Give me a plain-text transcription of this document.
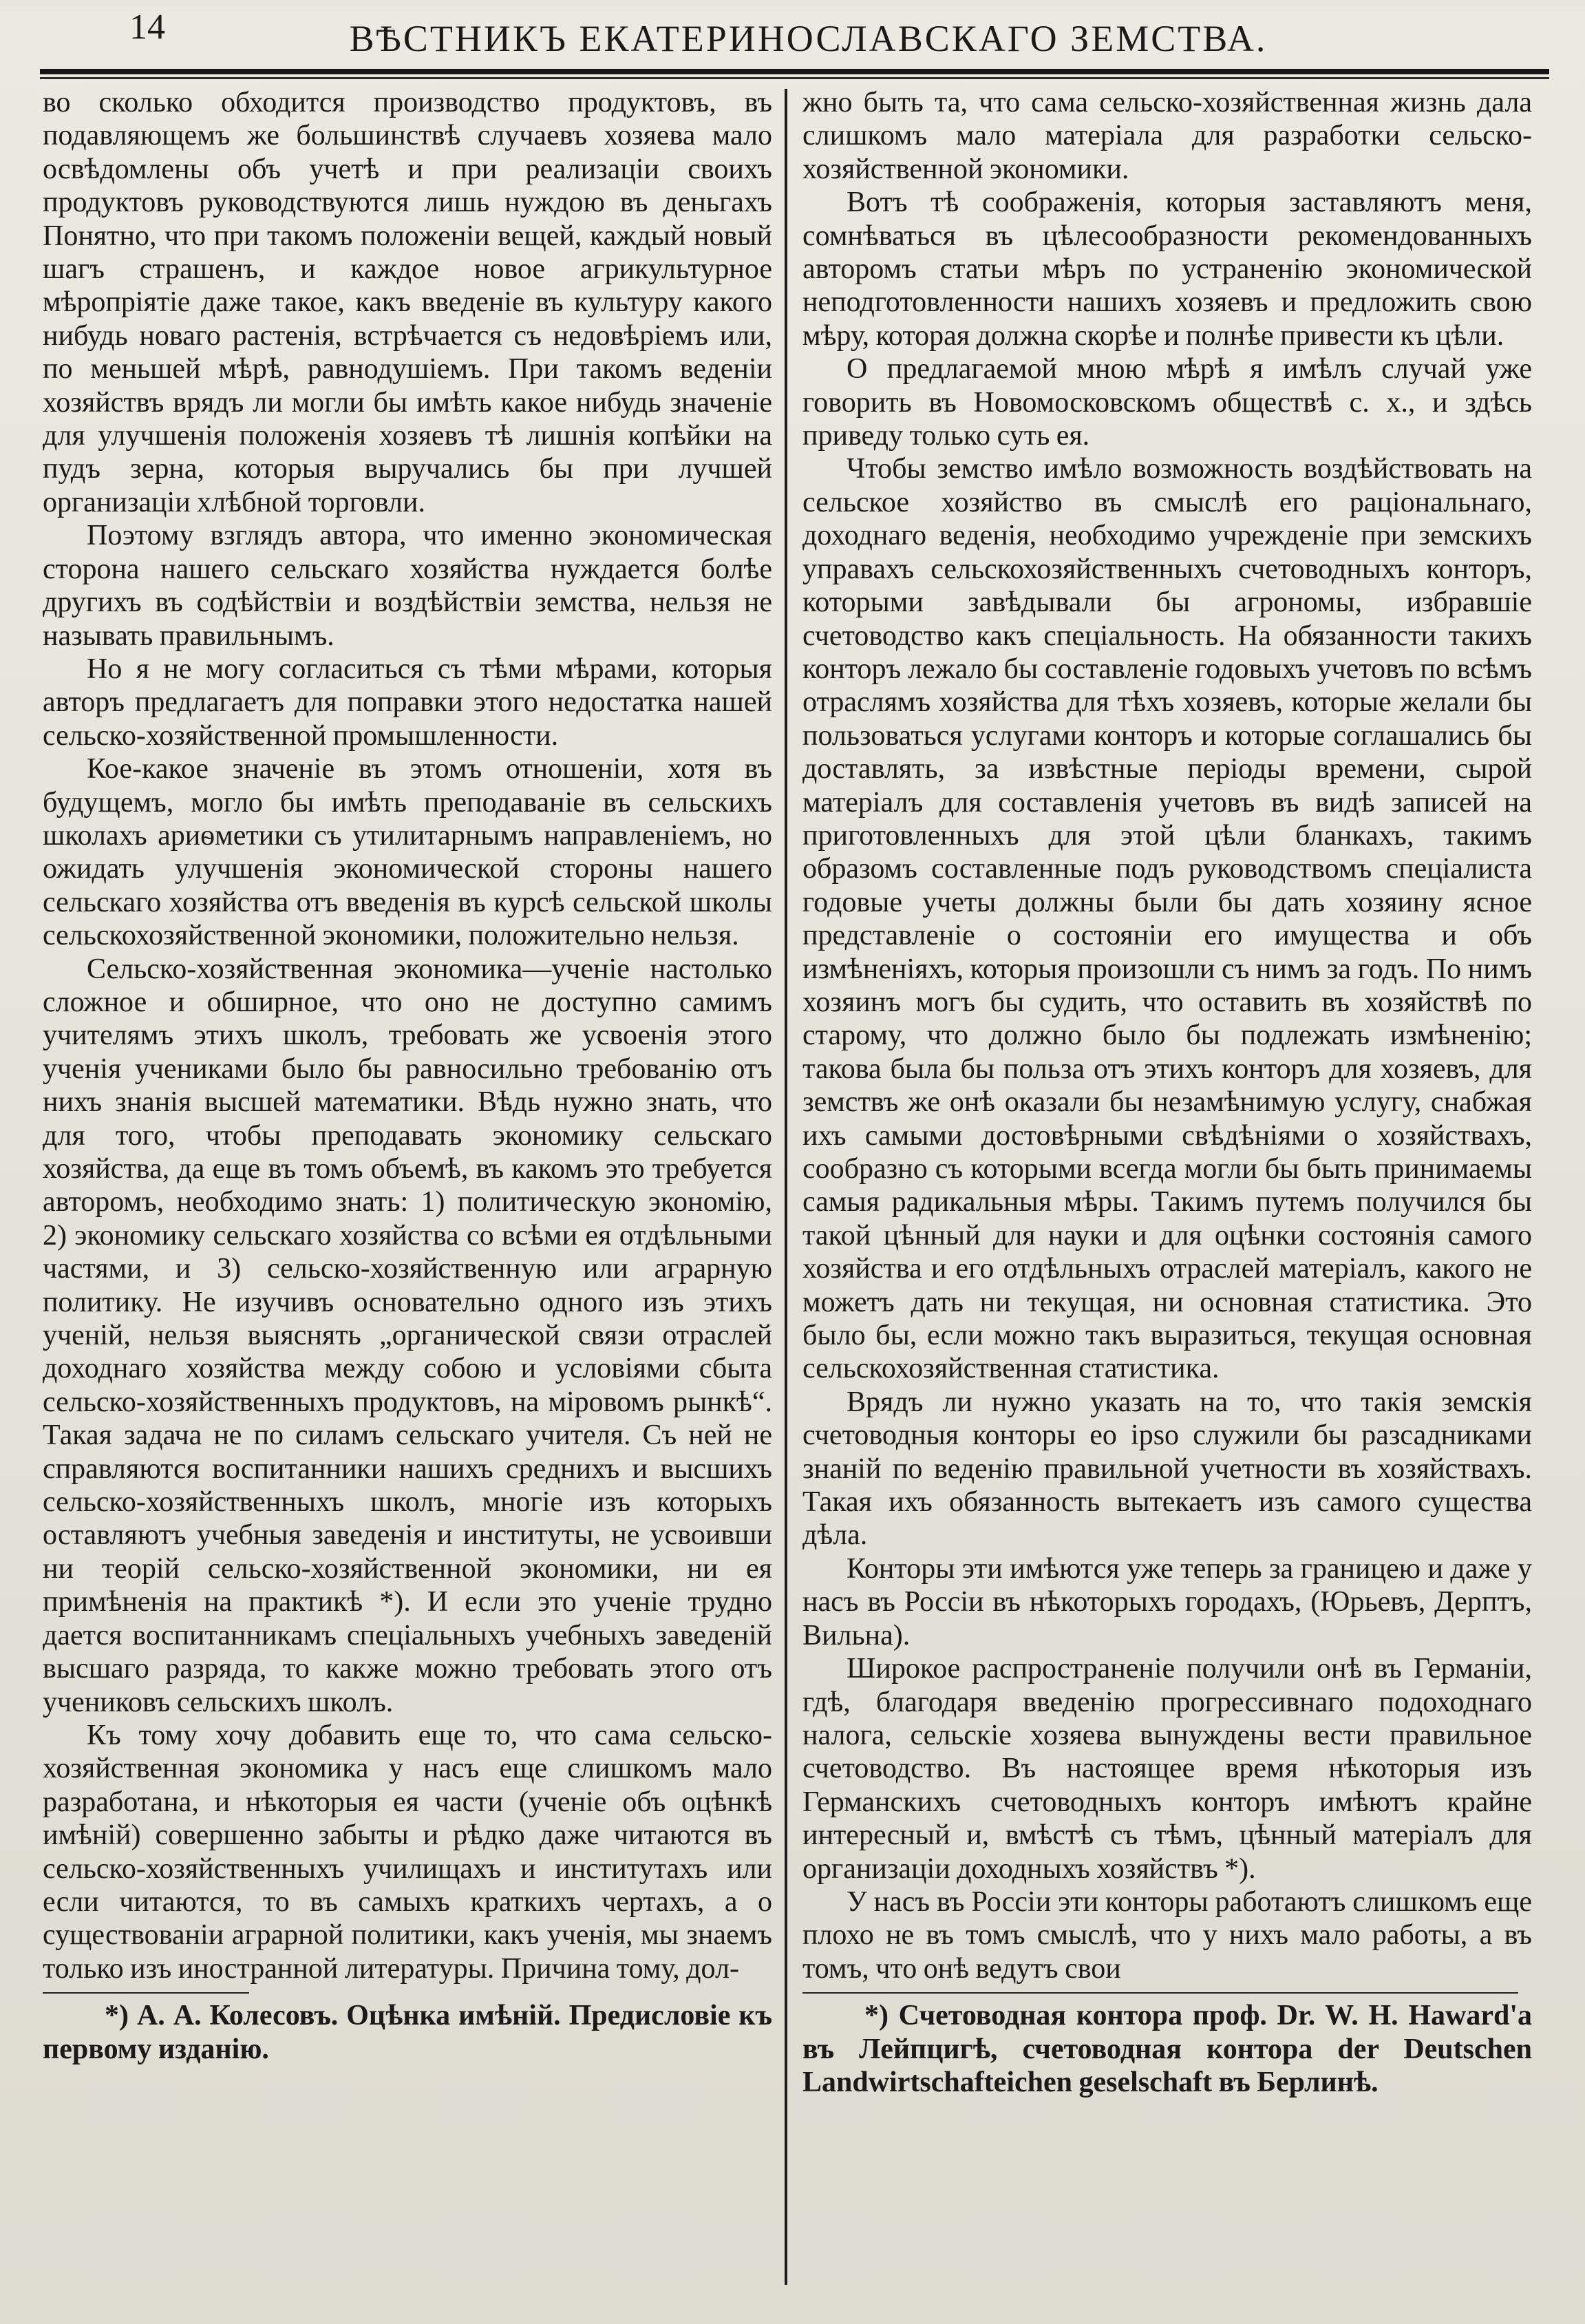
14	ВѢСТНИКЪ ЕКАТЕРИНОСЛАВСКАГО ЗЕМСТВА.

во сколько обходится производство продуктовъ, въ подавляющемъ же большинствѣ случаевъ хозяева мало освѣдомлены объ учетѣ и при реализаціи своихъ продуктовъ руководствуются лишь нуждою въ деньгахъ Понятно, что при такомъ положеніи вещей, каждый новый шагъ страшенъ, и каждое новое агрикультурное мѣропріятіе даже такое, какъ введеніе въ культуру какого нибудь новаго растенія, встрѣчается съ недовѣріемъ или, по меньшей мѣрѣ, равнодушіемъ. При такомъ веденіи хозяйствъ врядъ ли могли бы имѣть какое нибудь значеніе для улучшенія положенія хозяевъ тѣ лишнія копѣйки на пудъ зерна, которыя выручались бы при лучшей организаціи хлѣбной торговли.

Поэтому взглядъ автора, что именно экономическая сторона нашего сельскаго хозяйства нуждается болѣе другихъ въ содѣйствіи и воздѣйствіи земства, нельзя не называть правильнымъ.

Но я не могу согласиться съ тѣми мѣрами, которыя авторъ предлагаетъ для поправки этого недостатка нашей сельско-хозяйственной промышленности.

Кое-какое значеніе въ этомъ отношеніи, хотя въ будущемъ, могло бы имѣть преподаваніе въ сельскихъ школахъ ариѳметики съ утилитарнымъ направленіемъ, но ожидать улучшенія экономической стороны нашего сельскаго хозяйства отъ введенія въ курсѣ сельской школы сельскохозяйственной экономики, положительно нельзя.

Сельско-хозяйственная экономика—ученіе настолько сложное и обширное, что оно не доступно самимъ учителямъ этихъ школъ, требовать же усвоенія этого ученія учениками было бы равносильно требованію отъ нихъ знанія высшей математики. Вѣдь нужно знать, что для того, чтобы преподавать экономику сельскаго хозяйства, да еще въ томъ объемѣ, въ какомъ это требуется авторомъ, необходимо знать: 1) политическую экономію, 2) экономику сельскаго хозяйства со всѣми ея отдѣльными частями, и 3) сельско-хозяйственную или аграрную политику. Не изучивъ основательно одного изъ этихъ ученій, нельзя выяснять „органической связи отраслей доходнаго хозяйства между собою и условіями сбыта сельско-хозяйственныхъ продуктовъ, на міровомъ рынкѣ“. Такая задача не по силамъ сельскаго учителя. Съ ней не справляются воспитанники нашихъ среднихъ и высшихъ сельско-хозяйственныхъ школъ, многіе изъ которыхъ оставляютъ учебныя заведенія и институты, не усвоивши ни теорій сельско-хозяйственной экономики, ни ея примѣненія на практикѣ *). И если это ученіе трудно дается воспитанникамъ спеціальныхъ учебныхъ заведеній высшаго разряда, то какже можно требовать этого отъ учениковъ сельскихъ школъ.

Къ тому хочу добавить еще то, что сама сельско-хозяйственная экономика у насъ еще слишкомъ мало разработана, и нѣкоторыя ея части (ученіе объ оцѣнкѣ имѣній) совершенно забыты и рѣдко даже читаются въ сельско-хозяйственныхъ училищахъ и институтахъ или если читаются, то въ самыхъ краткихъ чертахъ, а о существованіи аграрной политики, какъ ученія, мы знаемъ только изъ иностранной литературы. Причина тому, дол-

*) А. А. Колесовъ. Оцѣнка имѣній. Предисловіе къ первому изданію.

жно быть та, что сама сельско-хозяйственная жизнь дала слишкомъ мало матеріала для разработки сельско-хозяйственной экономики.

Вотъ тѣ соображенія, которыя заставляютъ меня, сомнѣваться въ цѣлесообразности рекомендованныхъ авторомъ статьи мѣръ по устраненію экономической неподготовленности нашихъ хозяевъ и предложить свою мѣру, которая должна скорѣе и полнѣе привести къ цѣли.

О предлагаемой мною мѣрѣ я имѣлъ случай уже говорить въ Новомосковскомъ обществѣ с. х., и здѣсь приведу только суть ея.

Чтобы земство имѣло возможность воздѣйствовать на сельское хозяйство въ смыслѣ его раціональнаго, доходнаго веденія, необходимо учрежденіе при земскихъ управахъ сельскохозяйственныхъ счетоводныхъ конторъ, которыми завѣдывали бы агрономы, избравшіе счетоводство какъ спеціальность. На обязанности такихъ конторъ лежало бы составленіе годовыхъ учетовъ по всѣмъ отраслямъ хозяйства для тѣхъ хозяевъ, которые желали бы пользоваться услугами конторъ и которые соглашались бы доставлять, за извѣстные періоды времени, сырой матеріалъ для составленія учетовъ въ видѣ записей на приготовленныхъ для этой цѣли бланкахъ, такимъ образомъ составленные подъ руководствомъ спеціалиста годовые учеты должны были бы дать хозяину ясное представленіе о состояніи его имущества и объ измѣненіяхъ, которыя произошли съ нимъ за годъ. По нимъ хозяинъ могъ бы судить, что оставить въ хозяйствѣ по старому, что должно было бы подлежать измѣненію; такова была бы польза отъ этихъ конторъ для хозяевъ, для земствъ же онѣ оказали бы незамѣнимую услугу, снабжая ихъ самыми достовѣрными свѣдѣніями о хозяйствахъ, сообразно съ которыми всегда могли бы быть принимаемы самыя радикальныя мѣры. Такимъ путемъ получился бы такой цѣнный для науки и для оцѣнки состоянія самого хозяйства и его отдѣльныхъ отраслей матеріалъ, какого не можетъ дать ни текущая, ни основная статистика. Это было бы, если можно такъ выразиться, текущая основная сельскохозяйственная статистика.

Врядъ ли нужно указать на то, что такія земскія счетоводныя конторы ео ipso служили бы разсадниками знаній по веденію правильной учетности въ хозяйствахъ. Такая ихъ обязанность вытекаетъ изъ самого существа дѣла.

Конторы эти имѣются уже теперь за границею и даже у насъ въ Россіи въ нѣкоторыхъ городахъ, (Юрьевъ, Дерптъ, Вильна).

Широкое распространеніе получили онѣ въ Германіи, гдѣ, благодаря введенію прогрессивнаго подоходнаго налога, сельскіе хозяева вынуждены вести правильное счетоводство. Въ настоящее время нѣкоторыя изъ Германскихъ счетоводныхъ конторъ имѣютъ крайне интересный и, вмѣстѣ съ тѣмъ, цѣнный матеріалъ для организаціи доходныхъ хозяйствъ *).

У насъ въ Россіи эти конторы работаютъ слишкомъ еще плохо не въ томъ смыслѣ, что у нихъ мало работы, а въ томъ, что онѣ ведутъ свои

*) Счетоводная контора проф. Dr. W. H. Haward'а въ Лейпцигѣ, счетоводная контора der Deutschen Landwirtschaftеichen geselschaft въ Берлинѣ.
